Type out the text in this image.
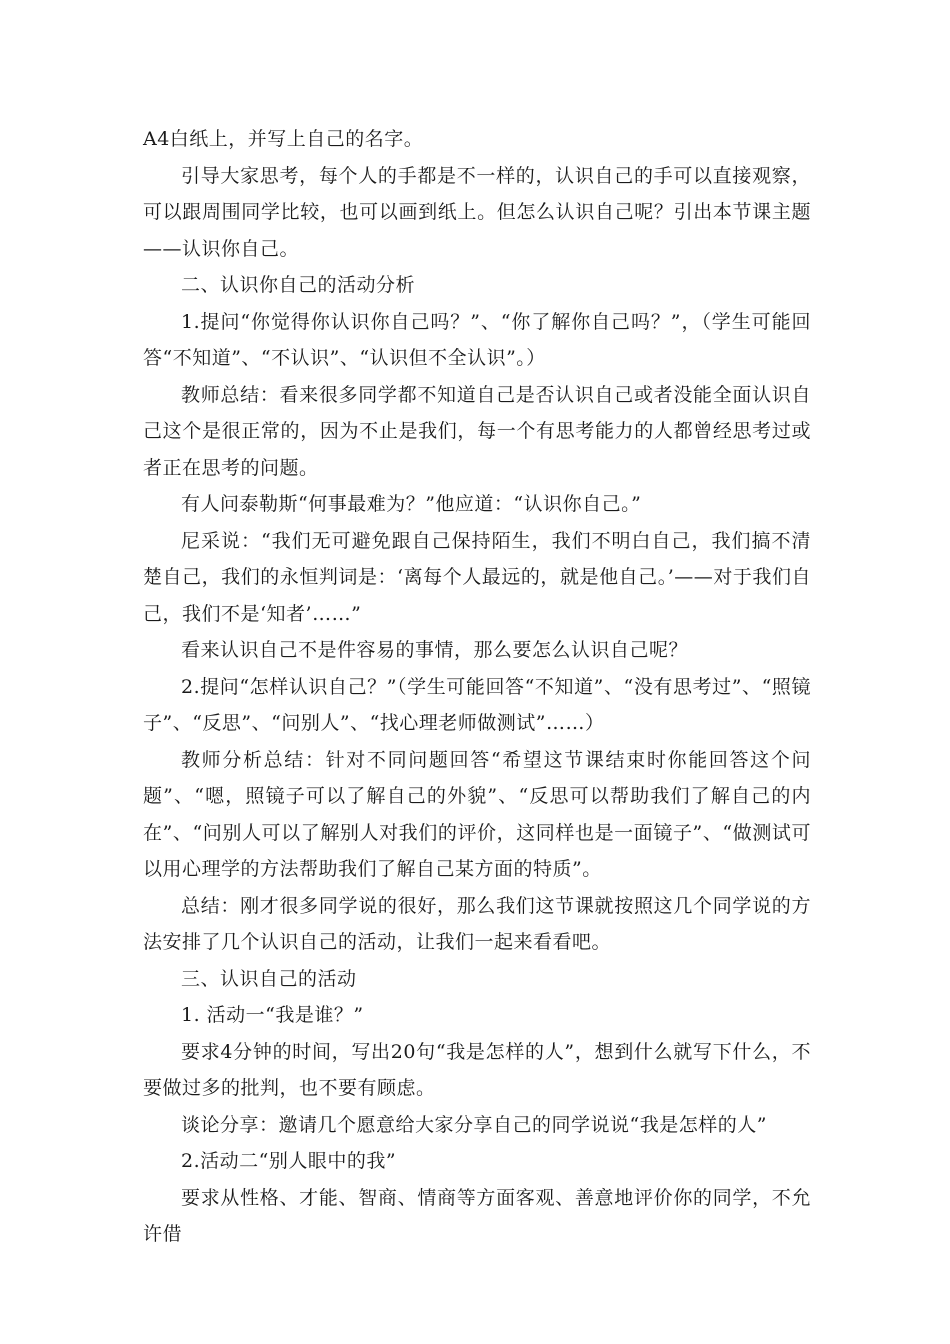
A4白纸上，并写上自己的名字。

引导大家思考，每个人的手都是不一样的，认识自己的手可以直接观察，可以跟周围同学比较，也可以画到纸上。但怎么认识自己呢？引出本节课主题——认识你自己。

二、认识你自己的活动分析

1.提问“你觉得你认识你自己吗？”、“你了解你自己吗？”，（学生可能回答“不知道”、“不认识”、“认识但不全认识”。）

教师总结：看来很多同学都不知道自己是否认识自己或者没能全面认识自己这个是很正常的，因为不止是我们，每一个有思考能力的人都曾经思考过或者正在思考的问题。

有人问泰勒斯“何事最难为？”他应道：“认识你自己。”

尼采说：“我们无可避免跟自己保持陌生，我们不明白自己，我们搞不清楚自己，我们的永恒判词是：‘离每个人最远的，就是他自己。’——对于我们自己，我们不是‘知者’……”

看来认识自己不是件容易的事情，那么要怎么认识自己呢？

2.提问“怎样认识自己？”（学生可能回答“不知道”、“没有思考过”、“照镜子”、“反思”、“问别人”、“找心理老师做测试”……）

教师分析总结：针对不同问题回答“希望这节课结束时你能回答这个问题”、“嗯，照镜子可以了解自己的外貌”、“反思可以帮助我们了解自己的内在”、“问别人可以了解别人对我们的评价，这同样也是一面镜子”、“做测试可以用心理学的方法帮助我们了解自己某方面的特质”。

总结：刚才很多同学说的很好，那么我们这节课就按照这几个同学说的方法安排了几个认识自己的活动，让我们一起来看看吧。

三、认识自己的活动

1. 活动一“我是谁？”

要求4分钟的时间，写出20句“我是怎样的人”，想到什么就写下什么，不要做过多的批判，也不要有顾虑。

谈论分享：邀请几个愿意给大家分享自己的同学说说“我是怎样的人”

2.活动二“别人眼中的我”

要求从性格、才能、智商、情商等方面客观、善意地评价你的同学，不允许借
